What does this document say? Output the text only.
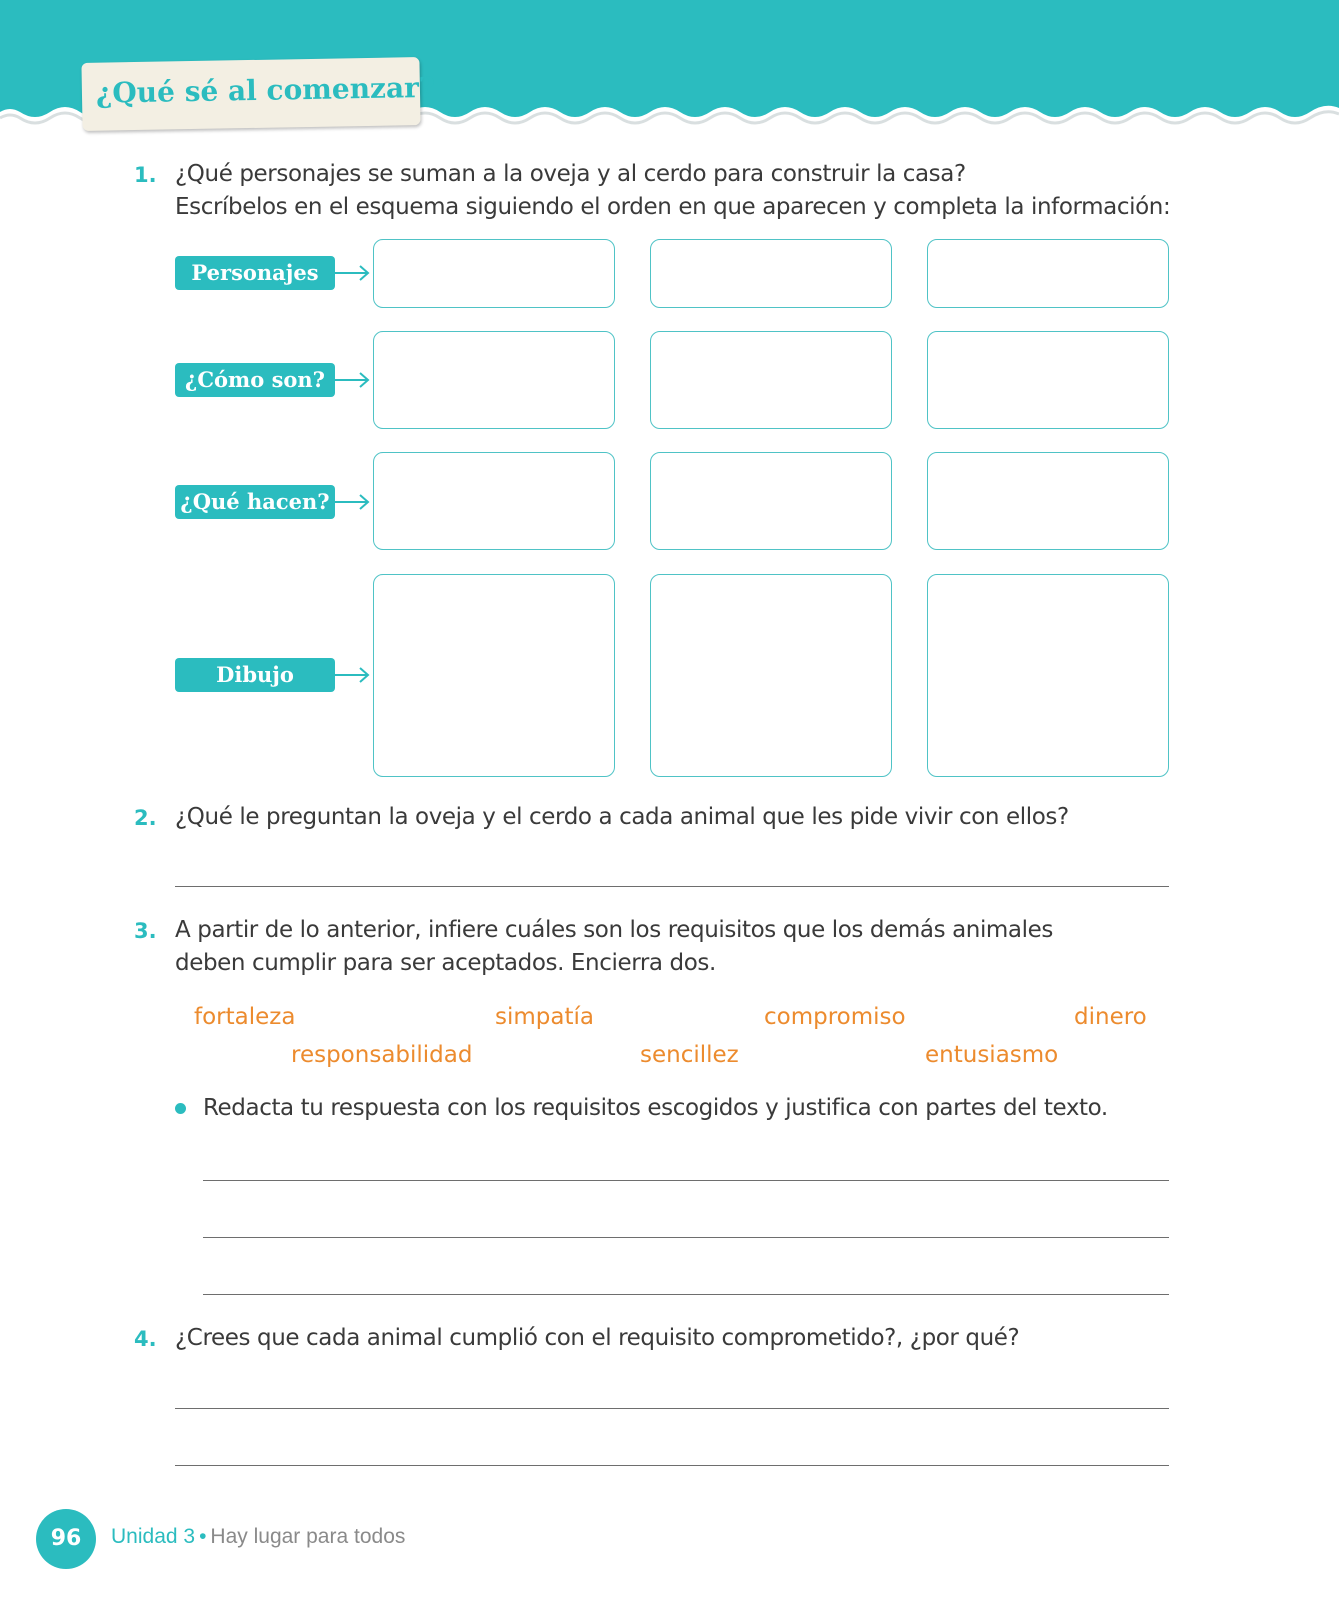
¿Qué sé al comenzar?
1. ¿Qué personajes se suman a la oveja y al cerdo para construir la casa?
Escríbelos en el esquema siguiendo el orden en que aparecen y completa la información:
Personajes
¿Cómo son?
¿Qué hacen?
Dibujo
2. ¿Qué le preguntan la oveja y el cerdo a cada animal que les pide vivir con ellos?
3. A partir de lo anterior, infiere cuáles son los requisitos que los demás animales
deben cumplir para ser aceptados. Encierra dos.
fortaleza	simpatía	compromiso	dinero
responsabilidad	sencillez	entusiasmo
Redacta tu respuesta con los requisitos escogidos y justifica con partes del texto.
4. ¿Crees que cada animal cumplió con el requisito comprometido?, ¿por qué?
96	Unidad 3 • Hay lugar para todos
